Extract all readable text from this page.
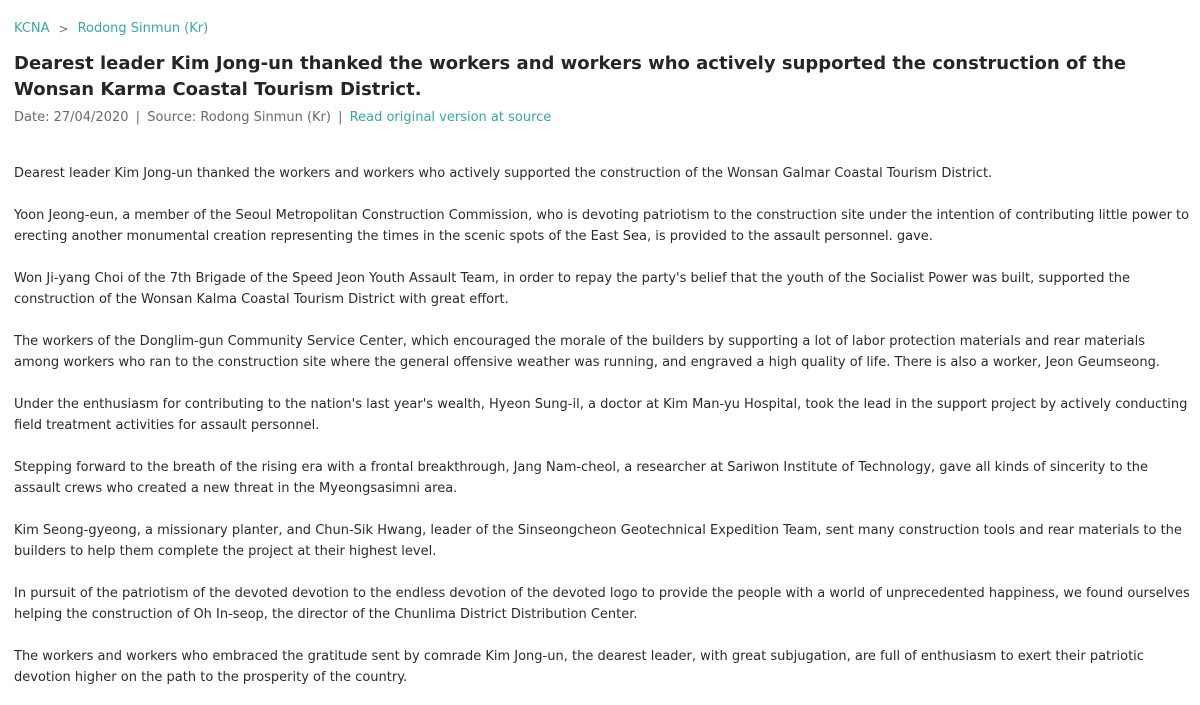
KCNA > Rodong Sinmun (Kr)
Dearest leader Kim Jong-un thanked the workers and workers who actively supported the construction of the Wonsan Karma Coastal Tourism District.
Date: 27/04/2020 | Source: Rodong Sinmun (Kr) | Read original version at source

Dearest leader Kim Jong-un thanked the workers and workers who actively supported the construction of the Wonsan Galmar Coastal Tourism District.

Yoon Jeong-eun, a member of the Seoul Metropolitan Construction Commission, who is devoting patriotism to the construction site under the intention of contributing little power to erecting another monumental creation representing the times in the scenic spots of the East Sea, is provided to the assault personnel. gave.

Won Ji-yang Choi of the 7th Brigade of the Speed Jeon Youth Assault Team, in order to repay the party's belief that the youth of the Socialist Power was built, supported the construction of the Wonsan Kalma Coastal Tourism District with great effort.

The workers of the Donglim-gun Community Service Center, which encouraged the morale of the builders by supporting a lot of labor protection materials and rear materials among workers who ran to the construction site where the general offensive weather was running, and engraved a high quality of life. There is also a worker, Jeon Geumseong.

Under the enthusiasm for contributing to the nation's last year's wealth, Hyeon Sung-il, a doctor at Kim Man-yu Hospital, took the lead in the support project by actively conducting field treatment activities for assault personnel.

Stepping forward to the breath of the rising era with a frontal breakthrough, Jang Nam-cheol, a researcher at Sariwon Institute of Technology, gave all kinds of sincerity to the assault crews who created a new threat in the Myeongsasimni area.

Kim Seong-gyeong, a missionary planter, and Chun-Sik Hwang, leader of the Sinseongcheon Geotechnical Expedition Team, sent many construction tools and rear materials to the builders to help them complete the project at their highest level.

In pursuit of the patriotism of the devoted devotion to the endless devotion of the devoted logo to provide the people with a world of unprecedented happiness, we found ourselves helping the construction of Oh In-seop, the director of the Chunlima District Distribution Center.

The workers and workers who embraced the gratitude sent by comrade Kim Jong-un, the dearest leader, with great subjugation, are full of enthusiasm to exert their patriotic devotion higher on the path to the prosperity of the country.
